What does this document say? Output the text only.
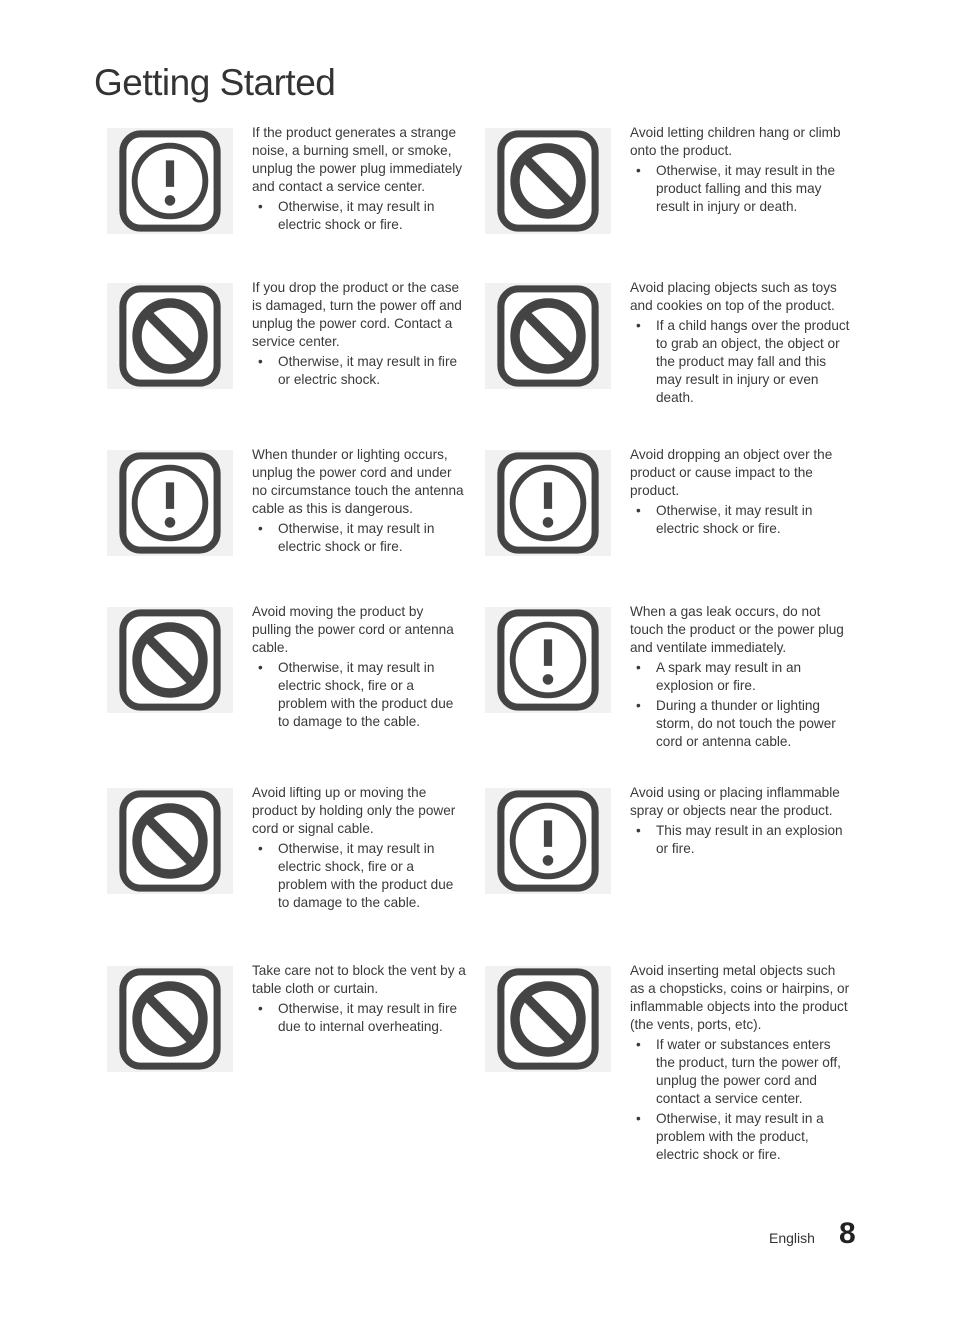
Getting Started

If the product generates a strange noise, a burning smell, or smoke, unplug the power plug immediately and contact a service center.

• Otherwise, it may result in electric shock or fire.

Avoid letting children hang or climb onto the product.

• Otherwise, it may result in the product falling and this may result in injury or death.

If you drop the product or the case is damaged, turn the power off and unplug the power cord. Contact a service center.

• Otherwise, it may result in fire or electric shock.

Avoid placing objects such as toys and cookies on top of the product.

• If a child hangs over the product to grab an object, the object or the product may fall and this may result in injury or even death.

When thunder or lighting occurs, unplug the power cord and under no circumstance touch the antenna cable as this is dangerous.

• Otherwise, it may result in electric shock or fire.

Avoid dropping an object over the product or cause impact to the product.

• Otherwise, it may result in electric shock or fire.

Avoid moving the product by pulling the power cord or antenna cable.

• Otherwise, it may result in electric shock, fire or a problem with the product due to damage to the cable.

When a gas leak occurs, do not touch the product or the power plug and ventilate immediately.

• A spark may result in an explosion or fire.
• During a thunder or lighting storm, do not touch the power cord or antenna cable.

Avoid lifting up or moving the product by holding only the power cord or signal cable.

• Otherwise, it may result in electric shock, fire or a problem with the product due to damage to the cable.

Avoid using or placing inflammable spray or objects near the product.

• This may result in an explosion or fire.

Take care not to block the vent by a table cloth or curtain.

• Otherwise, it may result in fire due to internal overheating.

Avoid inserting metal objects such as a chopsticks, coins or hairpins, or inflammable objects into the product (the vents, ports, etc).

• If water or substances enters the product, turn the power off, unplug the power cord and contact a service center.
• Otherwise, it may result in a problem with the product, electric shock or fire.
English 8
